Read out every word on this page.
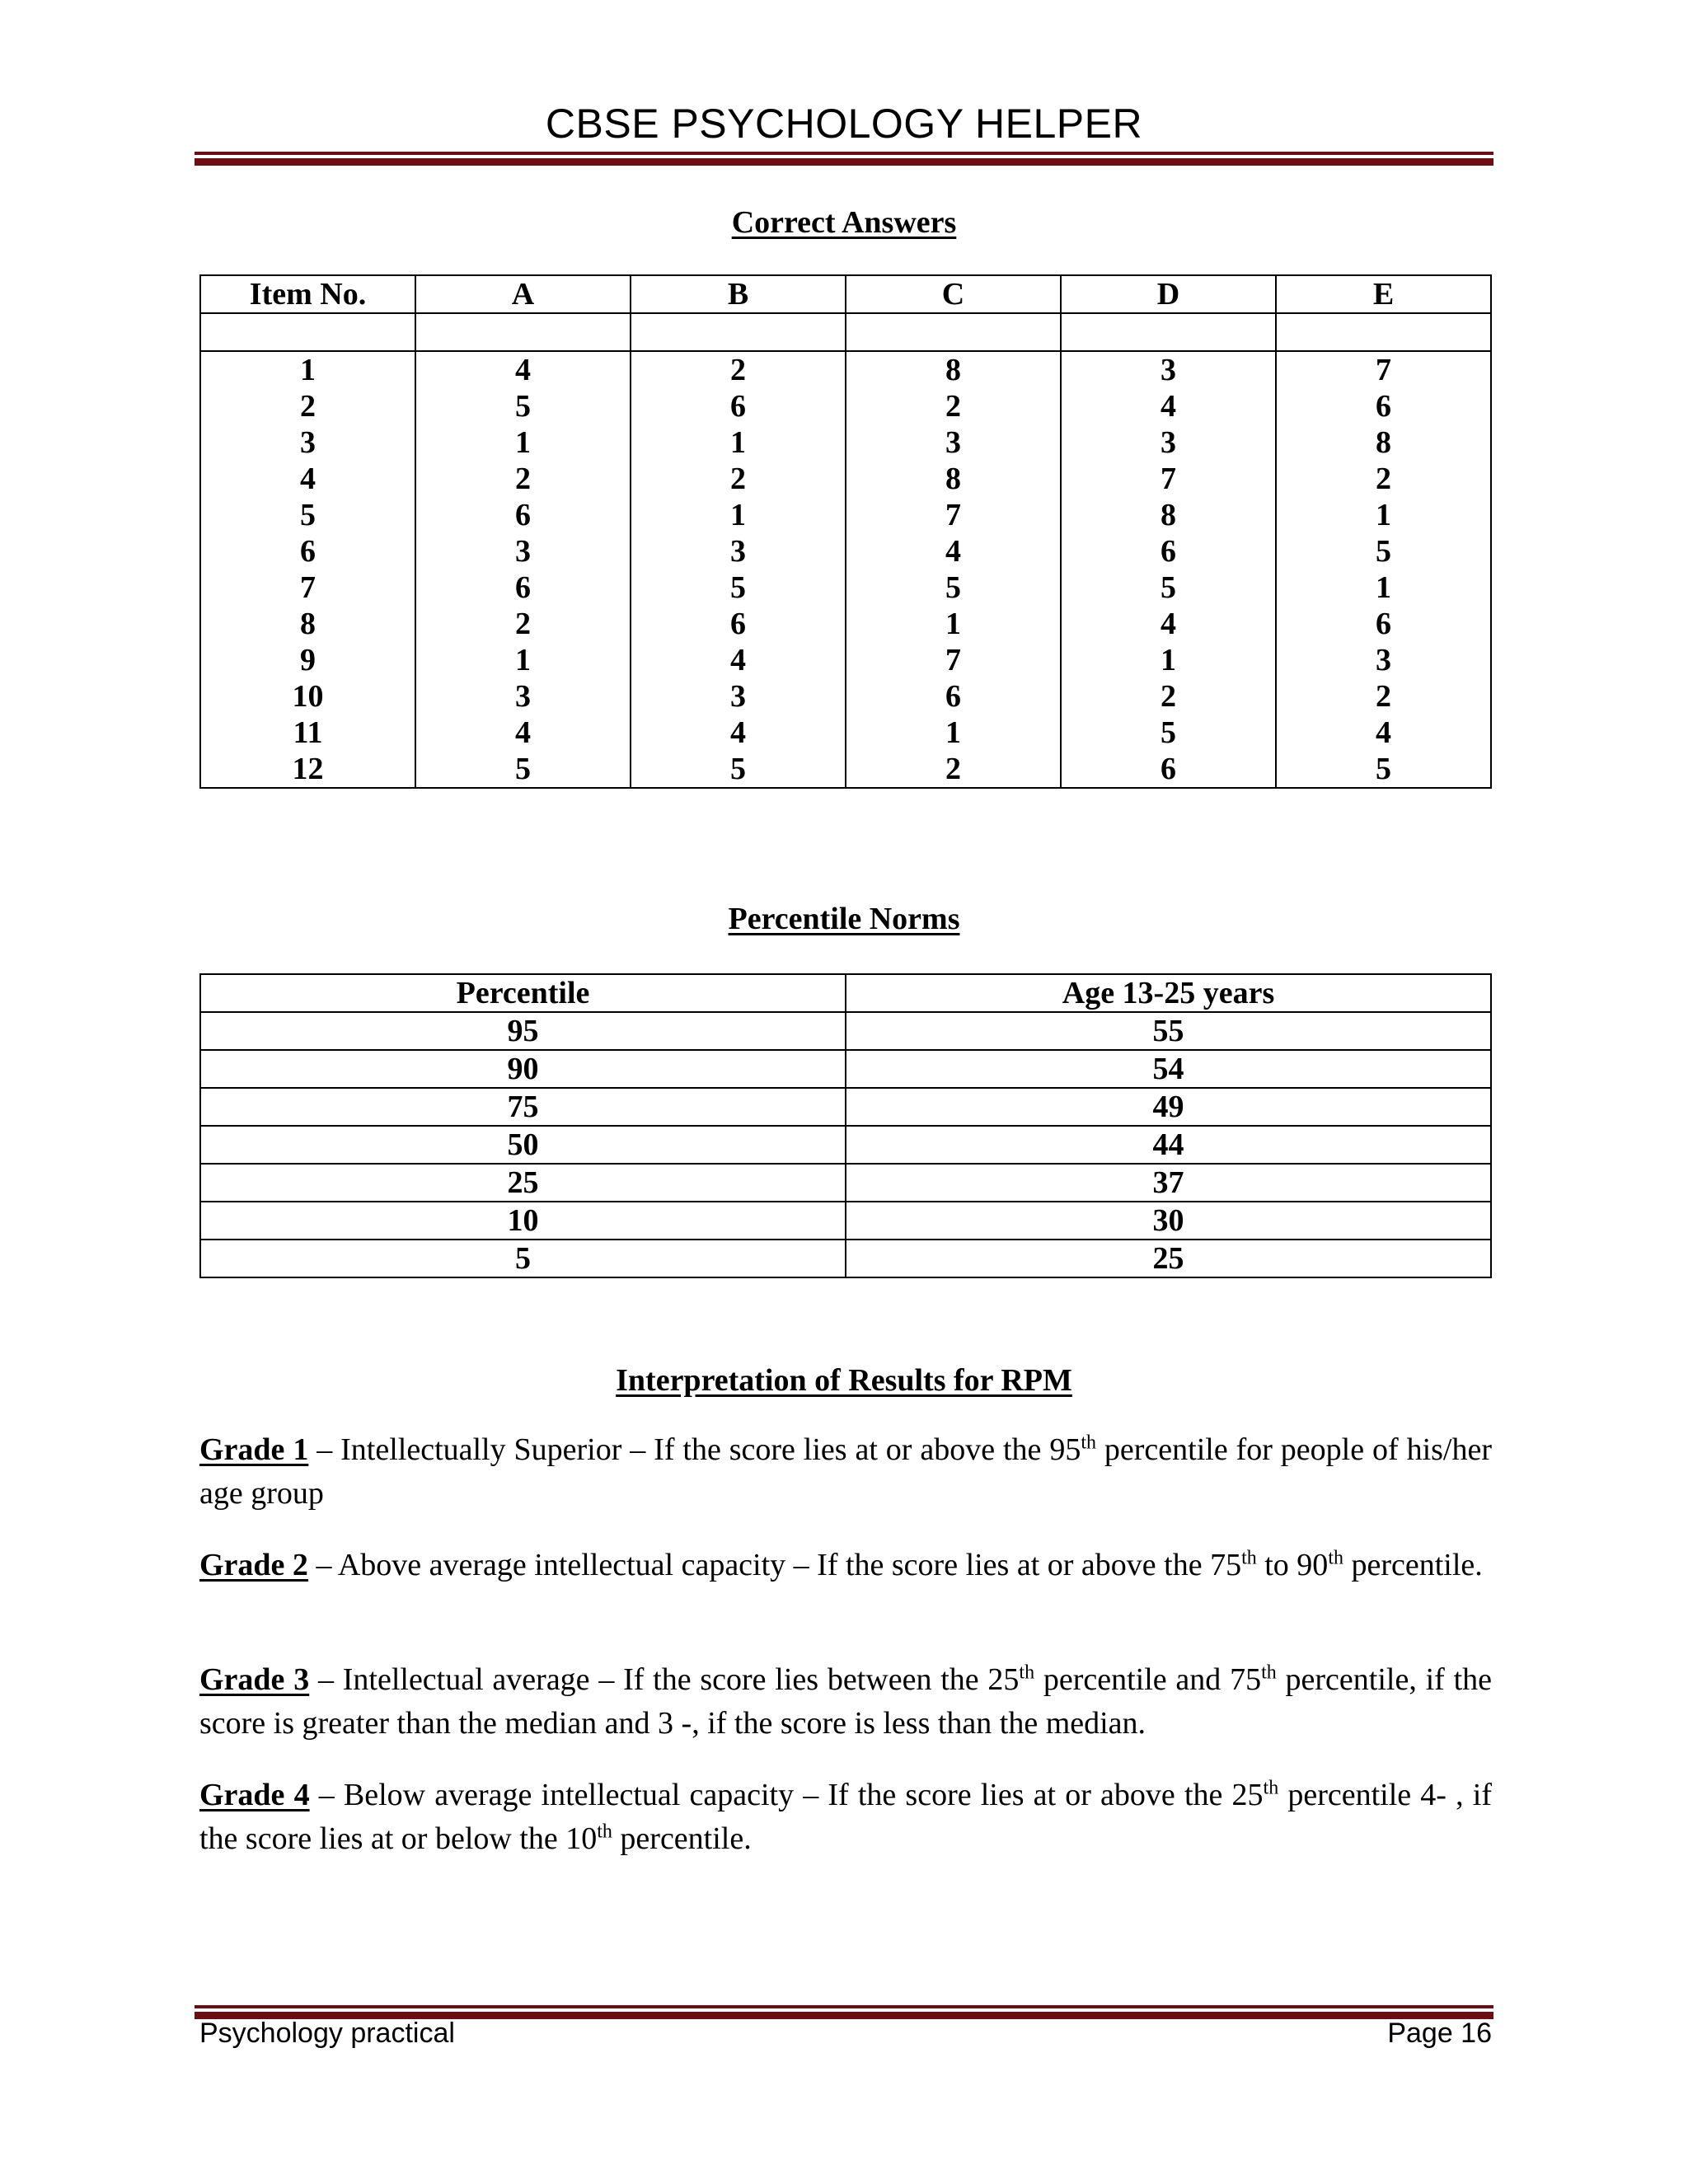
CBSE PSYCHOLOGY HELPER
Correct Answers
Item No.	A	B	C	D	E

1	4	2	8	3	7
2	5	6	2	4	6
3	1	1	3	3	8
4	2	2	8	7	2
5	6	1	7	8	1
6	3	3	4	6	5
7	6	5	5	5	1
8	2	6	1	4	6
9	1	4	7	1	3
10	3	3	6	2	2
11	4	4	1	5	4
12	5	5	2	6	5
Percentile Norms
Percentile	Age 13-25 years
95	55
90	54
75	49
50	44
25	37
10	30
5	25
Interpretation of Results for RPM
Grade 1 – Intellectually Superior – If the score lies at or above the 95th percentile for people of his/her age group
Grade 2 – Above average intellectual capacity – If the score lies at or above the 75th to 90th percentile.
Grade 3 – Intellectual average – If the score lies between the 25th percentile and 75th percentile, if the score is greater than the median and 3 -, if the score is less than the median.
Grade 4 – Below average intellectual capacity – If the score lies at or above the 25th percentile 4- , if the score lies at or below the 10th percentile.
Psychology practical	Page 16
